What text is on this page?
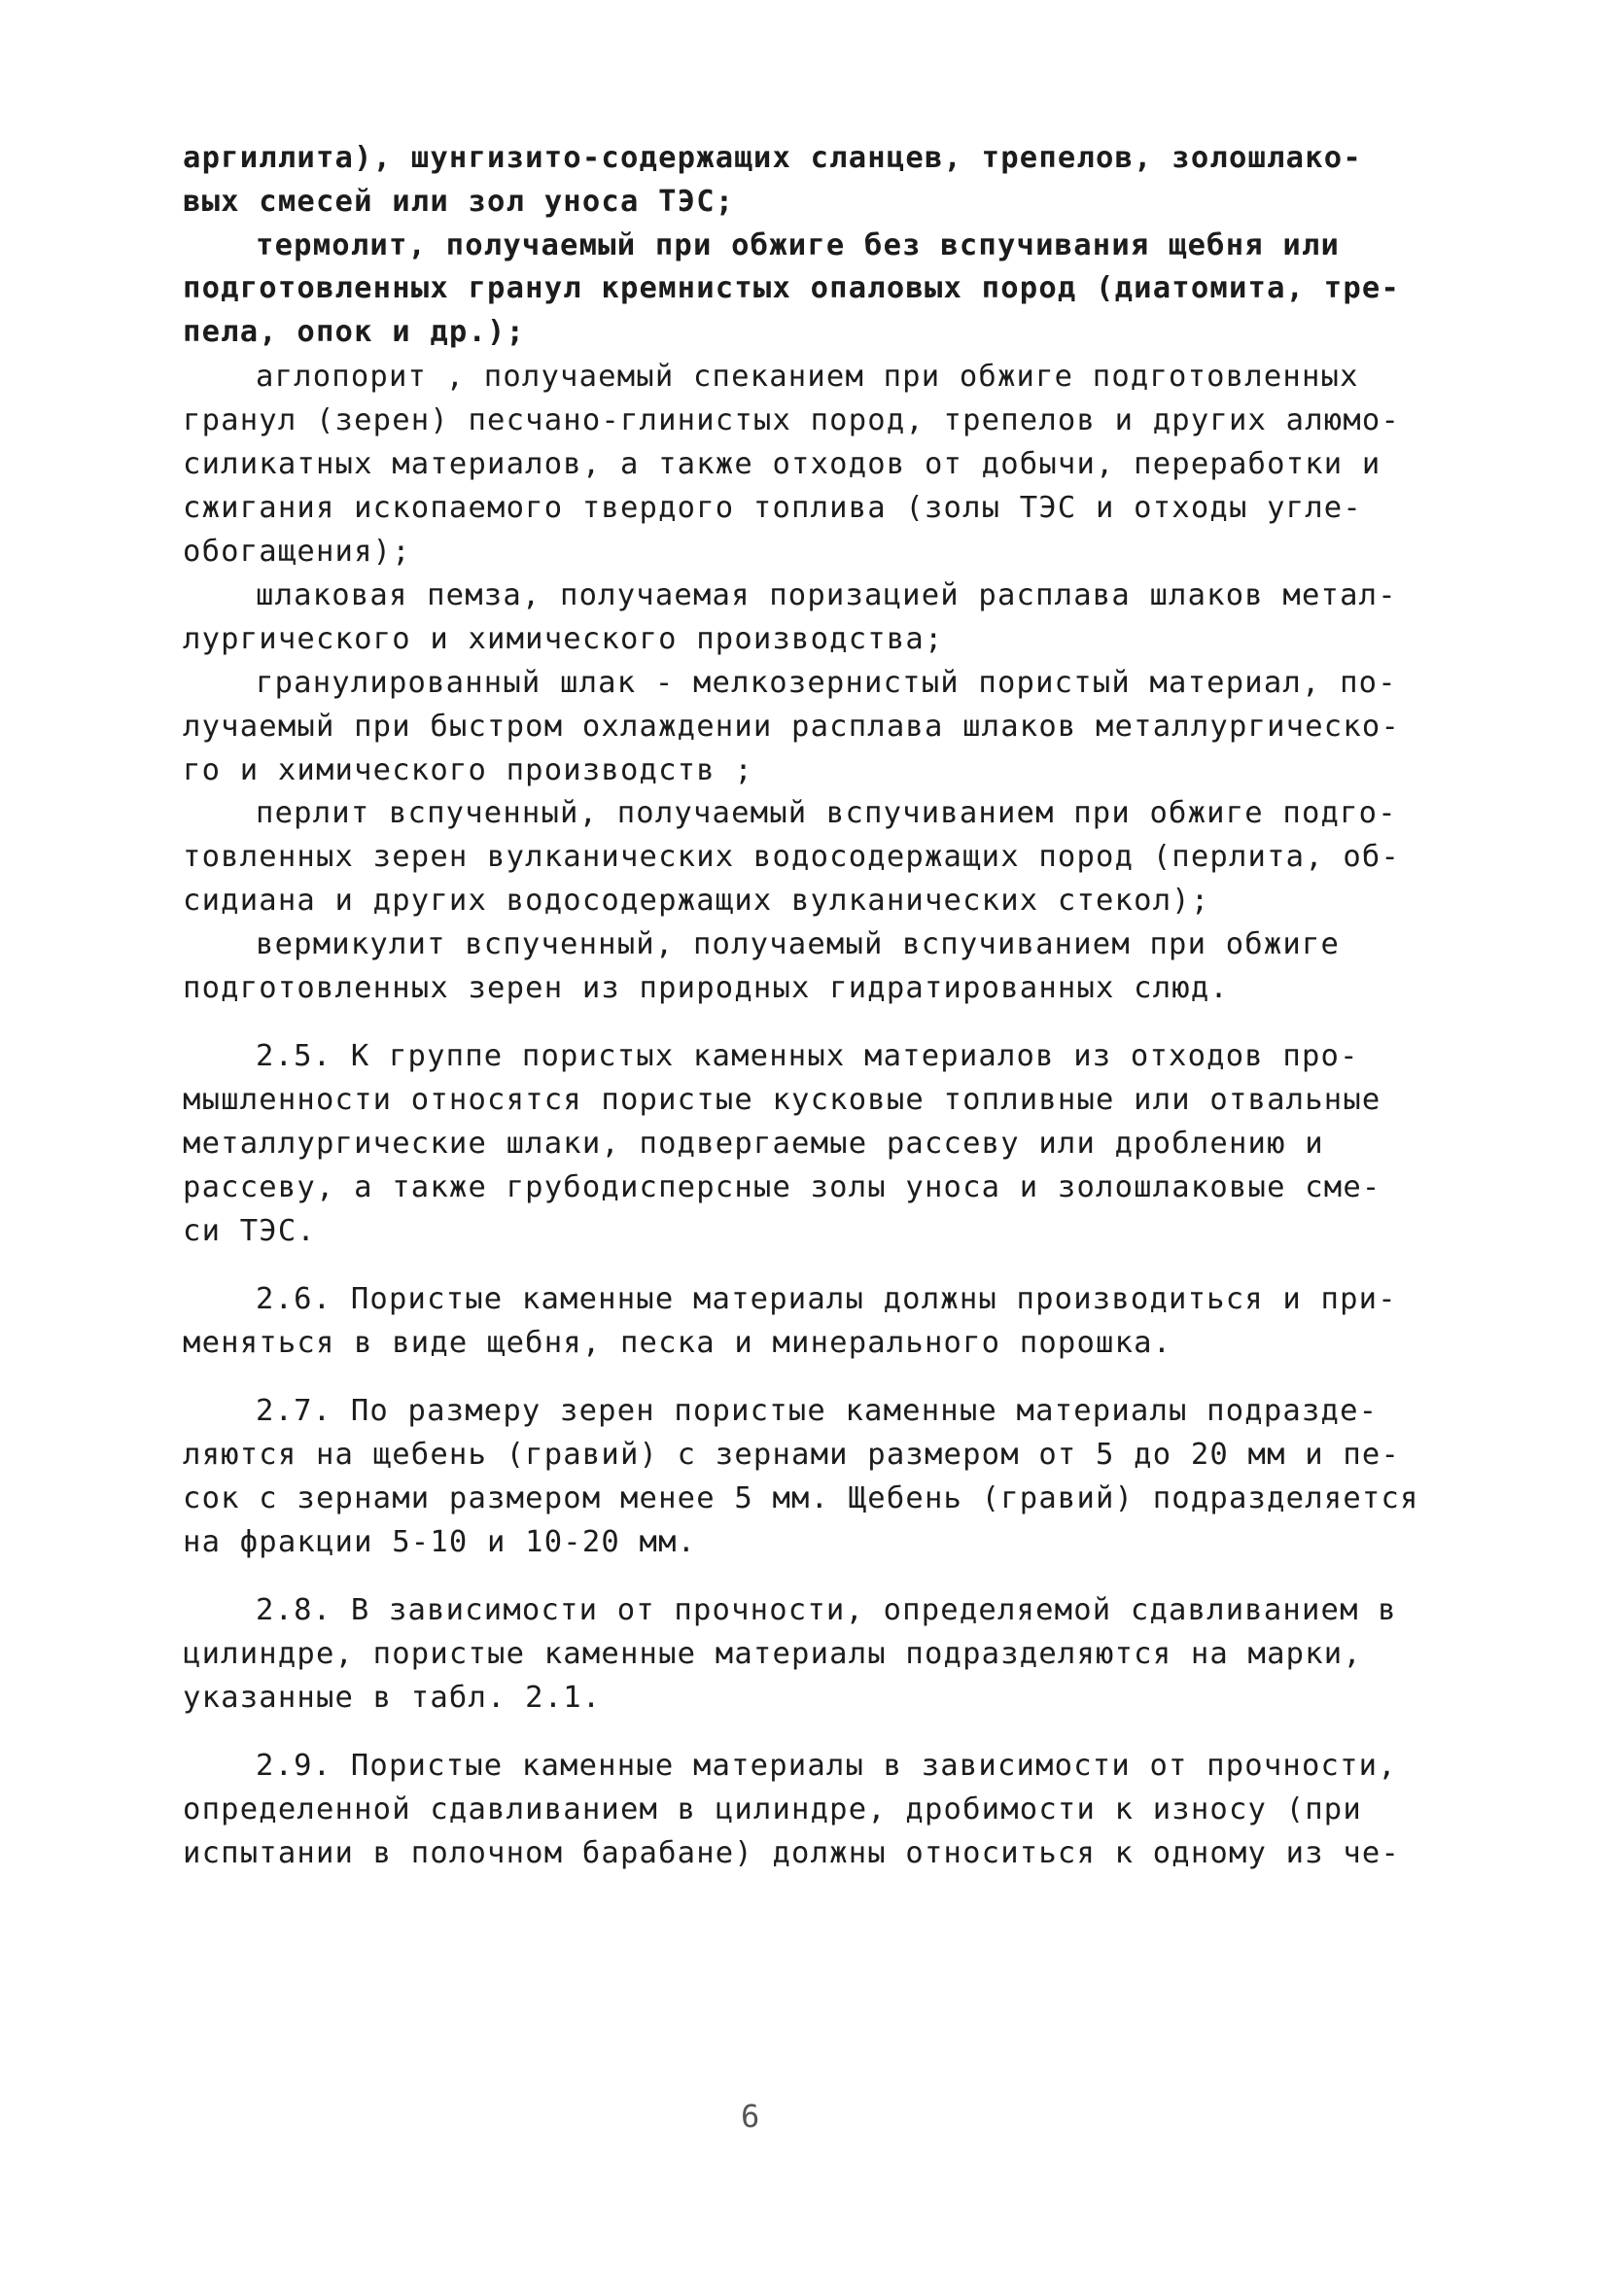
аргиллита), шунгизито-содержащих сланцев, трепелов, золошлако-
вых смесей или зол уноса ТЭС;
термолит, получаемый при обжиге без вспучивания щебня или
подготовленных гранул кремнистых опаловых пород (диатомита, тре-
пела, опок и др.);
аглопорит , получаемый спеканием при обжиге подготовленных
гранул (зерен) песчано-глинистых пород, трепелов и других алюмо-
силикатных материалов, а также отходов от добычи, переработки и
сжигания ископаемого твердого топлива (золы ТЭС и отходы угле-
обогащения);
шлаковая пемза, получаемая поризацией расплава шлаков метал-
лургического и химического производства;
гранулированный шлак - мелкозернистый пористый материал, по-
лучаемый при быстром охлаждении расплава шлаков металлургическо-
го и химического производств ;
перлит вспученный, получаемый вспучиванием при обжиге подго-
товленных зерен вулканических водосодержащих пород (перлита, об-
сидиана и других водосодержащих вулканических стекол);
вермикулит вспученный, получаемый вспучиванием при обжиге
подготовленных зерен из природных гидратированных слюд.
2.5. К группе пористых каменных материалов из отходов про-
мышленности относятся пористые кусковые топливные или отвальные
металлургические шлаки, подвергаемые рассеву или дроблению и
рассеву, а также грубодисперсные золы уноса и золошлаковые сме-
си ТЭС.
2.6. Пористые каменные материалы должны производиться и при-
меняться в виде щебня, песка и минерального порошка.
2.7. По размеру зерен пористые каменные материалы подразде-
ляются на щебень (гравий) с зернами размером от 5 до 20 мм и пе-
сок с зернами размером менее 5 мм. Щебень (гравий) подразделяется
на фракции 5-10 и 10-20 мм.
2.8. В зависимости от прочности, определяемой сдавливанием в
цилиндре, пористые каменные материалы подразделяются на марки,
указанные в табл. 2.1.
2.9. Пористые каменные материалы в зависимости от прочности,
определенной сдавливанием в цилиндре, дробимости к износу (при
испытании в полочном барабане) должны относиться к одному из че-
6
